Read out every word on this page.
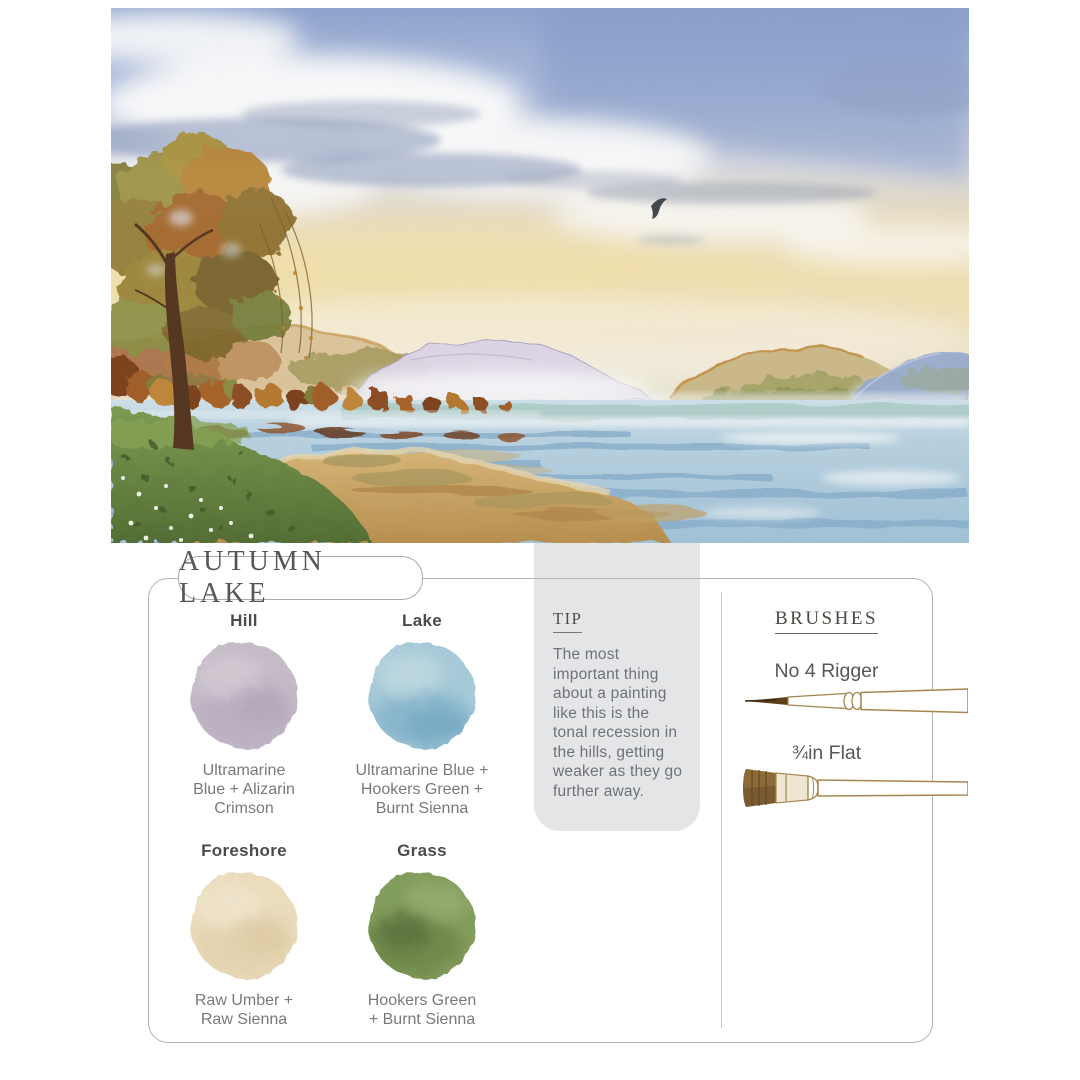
TIP

The most important thing about a painting like this is the tonal recession in the hills, getting weaker as they go further away.

AUTUMN LAKE
Hill

Ultramarine Blue + Alizarin Crimson

Lake

Ultramarine Blue + Hookers Green + Burnt Sienna

Foreshore

Raw Umber + Raw Sienna

Grass

Hookers Green + Burnt Sienna

BRUSHES
No 4 Rigger
¾in Flat
